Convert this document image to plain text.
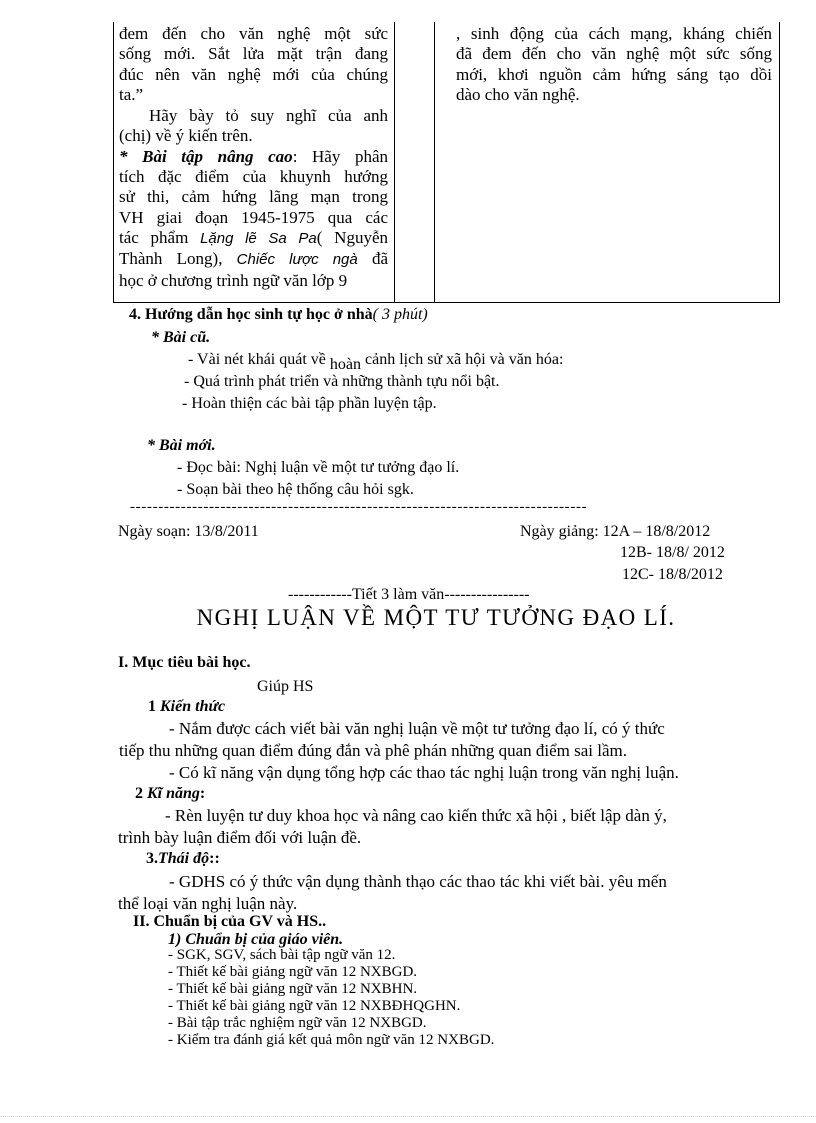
đem đến cho văn nghệ một sức

sống mới. Sắt lửa mặt trận đang

đúc nên văn nghệ mới của chúng

ta.”

Hãy bày tỏ suy nghĩ của anh

(chị) về ý kiến trên.

* Bài tập nâng cao: Hãy phân

tích đặc điểm của khuynh hướng

sử thi, cảm hứng lãng mạn trong

VH giai đoạn 1945-1975 qua các

tác phẩm Lặng lẽ Sa Pa( Nguyễn

Thành Long), Chiếc lược ngà đã

học ở chương trình ngữ văn lớp 9

, sinh động của cách mạng, kháng chiến

đã đem đến cho văn nghệ một sức sống

mới, khơi nguồn cảm hứng sáng tạo dồi

dào cho văn nghệ.

4. Hướng dẫn học sinh tự học ở nhà( 3 phút)
* Bài cũ.
- Vài nét khái quát về hoàn cảnh lịch sử xã hội và văn hóa:
- Quá trình phát triển và những thành tựu nổi bật.
- Hoàn thiện các bài tập phần luyện tập.
* Bài mới.
- Đọc bài: Nghị luận về một tư tưởng đạo lí.
- Soạn bài theo hệ thống câu hỏi sgk.
---------------------------------------------------------------------------------
Ngày soạn: 13/8/2011	Ngày giảng: 12A – 18/8/2012
12B- 18/8/ 2012
12C- 18/8/2012
------------Tiết 3 làm văn----------------
NGHỊ LUẬN VỀ MỘT TƯ TƯỞNG ĐẠO LÍ.
I. Mục tiêu bài học.
Giúp HS
1 Kiến thức
- Nắm được cách viết bài văn nghị luận về một tư tưởng đạo lí, có ý thức
tiếp thu những quan điểm đúng đắn và phê phán những quan điểm sai lầm.
- Có kĩ năng vận dụng tổng hợp các thao tác nghị luận trong văn nghị luận.
2 Kĩ năng:
- Rèn luyện tư duy khoa học và nâng cao kiến thức xã hội , biết lập dàn ý,
trình bày luận điểm đối với luận đề.
3.Thái độ::
- GDHS có ý thức vận dụng thành thạo các thao tác khi viết bài. yêu mến
thể loại văn nghị luận này.
II. Chuẩn bị của GV và HS..
1) Chuẩn bị của giáo viên.
- SGK, SGV, sách bài tập ngữ văn 12.
- Thiết kế bài giảng ngữ văn 12 NXBGD.
- Thiết kế bài giảng ngữ văn 12 NXBHN.
- Thiết kế bài giảng ngữ văn 12 NXBĐHQGHN.
- Bài tập trắc nghiệm ngữ văn 12 NXBGD.
- Kiểm tra đánh giá kết quả môn ngữ văn 12 NXBGD.
